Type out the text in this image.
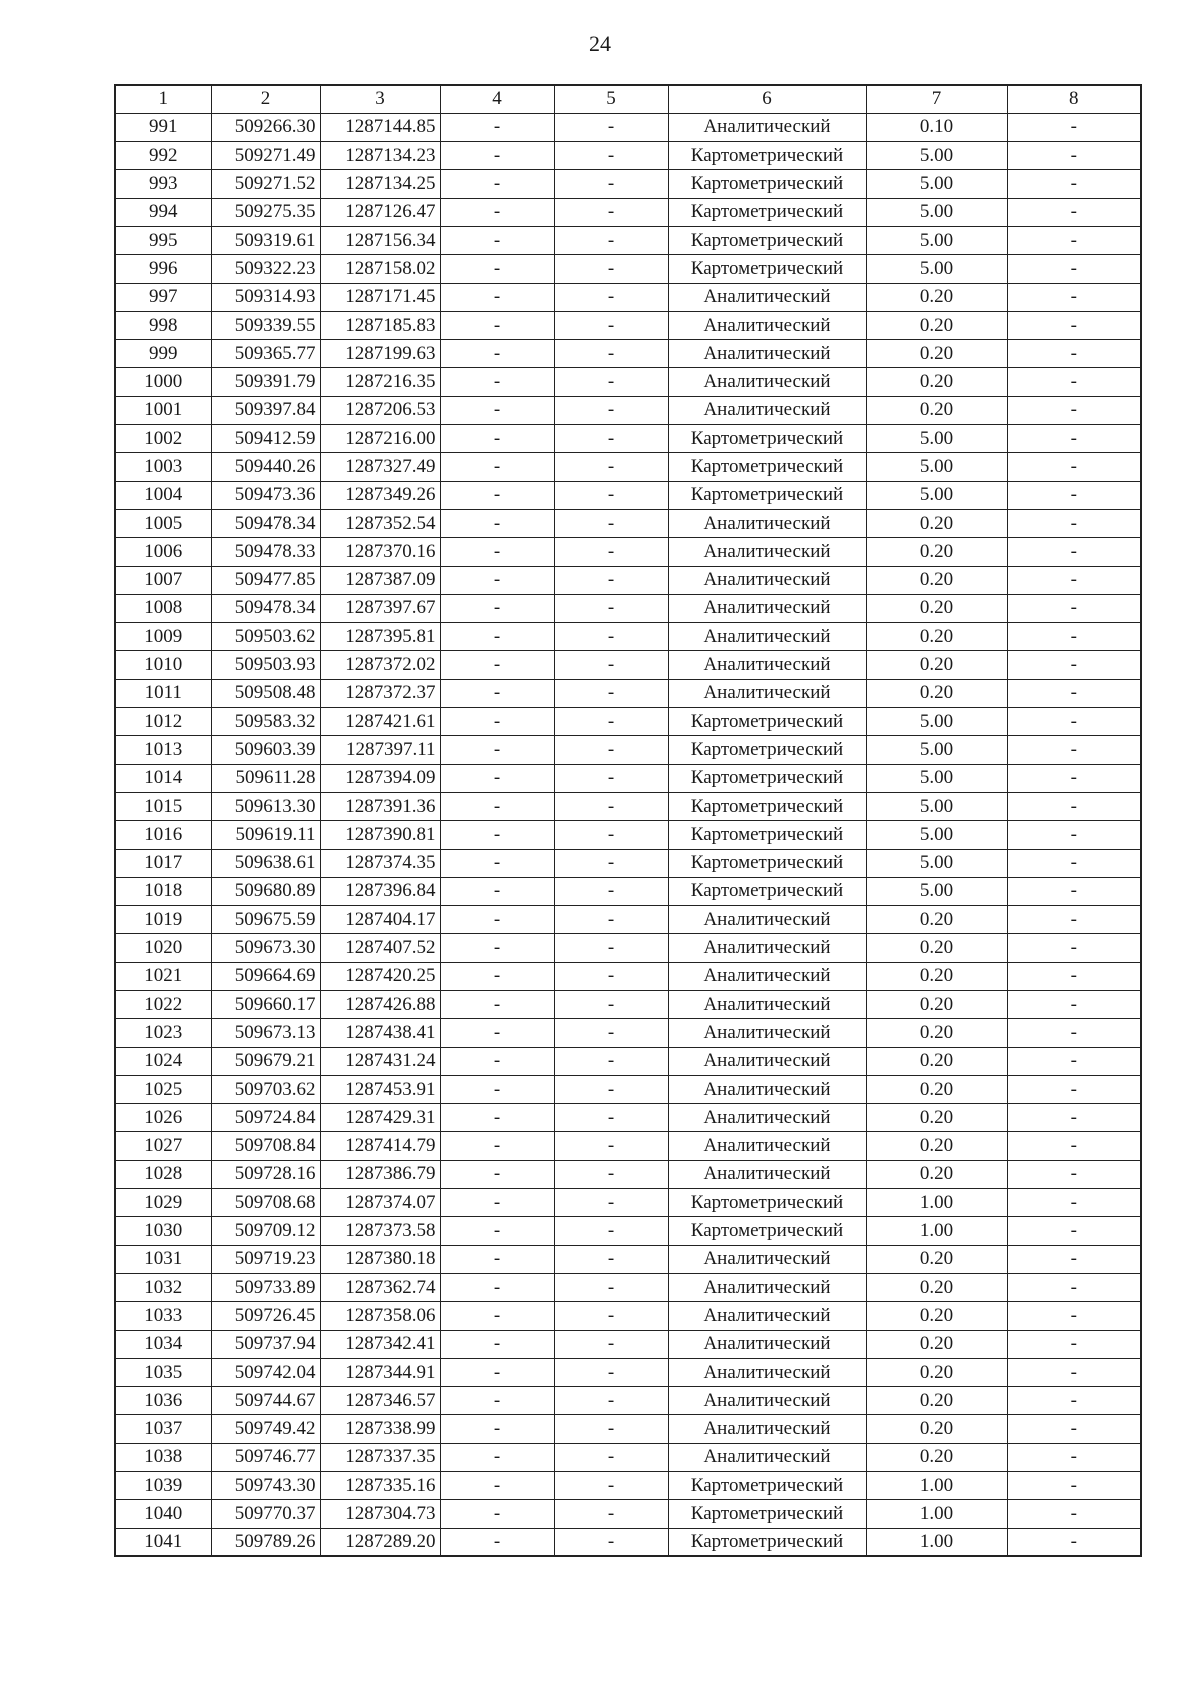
24
1	2	3	4	5	6	7	8
991	509266.30	1287144.85	-	-	Аналитический	0.10	-
992	509271.49	1287134.23	-	-	Картометрический	5.00	-
993	509271.52	1287134.25	-	-	Картометрический	5.00	-
994	509275.35	1287126.47	-	-	Картометрический	5.00	-
995	509319.61	1287156.34	-	-	Картометрический	5.00	-
996	509322.23	1287158.02	-	-	Картометрический	5.00	-
997	509314.93	1287171.45	-	-	Аналитический	0.20	-
998	509339.55	1287185.83	-	-	Аналитический	0.20	-
999	509365.77	1287199.63	-	-	Аналитический	0.20	-
1000	509391.79	1287216.35	-	-	Аналитический	0.20	-
1001	509397.84	1287206.53	-	-	Аналитический	0.20	-
1002	509412.59	1287216.00	-	-	Картометрический	5.00	-
1003	509440.26	1287327.49	-	-	Картометрический	5.00	-
1004	509473.36	1287349.26	-	-	Картометрический	5.00	-
1005	509478.34	1287352.54	-	-	Аналитический	0.20	-
1006	509478.33	1287370.16	-	-	Аналитический	0.20	-
1007	509477.85	1287387.09	-	-	Аналитический	0.20	-
1008	509478.34	1287397.67	-	-	Аналитический	0.20	-
1009	509503.62	1287395.81	-	-	Аналитический	0.20	-
1010	509503.93	1287372.02	-	-	Аналитический	0.20	-
1011	509508.48	1287372.37	-	-	Аналитический	0.20	-
1012	509583.32	1287421.61	-	-	Картометрический	5.00	-
1013	509603.39	1287397.11	-	-	Картометрический	5.00	-
1014	509611.28	1287394.09	-	-	Картометрический	5.00	-
1015	509613.30	1287391.36	-	-	Картометрический	5.00	-
1016	509619.11	1287390.81	-	-	Картометрический	5.00	-
1017	509638.61	1287374.35	-	-	Картометрический	5.00	-
1018	509680.89	1287396.84	-	-	Картометрический	5.00	-
1019	509675.59	1287404.17	-	-	Аналитический	0.20	-
1020	509673.30	1287407.52	-	-	Аналитический	0.20	-
1021	509664.69	1287420.25	-	-	Аналитический	0.20	-
1022	509660.17	1287426.88	-	-	Аналитический	0.20	-
1023	509673.13	1287438.41	-	-	Аналитический	0.20	-
1024	509679.21	1287431.24	-	-	Аналитический	0.20	-
1025	509703.62	1287453.91	-	-	Аналитический	0.20	-
1026	509724.84	1287429.31	-	-	Аналитический	0.20	-
1027	509708.84	1287414.79	-	-	Аналитический	0.20	-
1028	509728.16	1287386.79	-	-	Аналитический	0.20	-
1029	509708.68	1287374.07	-	-	Картометрический	1.00	-
1030	509709.12	1287373.58	-	-	Картометрический	1.00	-
1031	509719.23	1287380.18	-	-	Аналитический	0.20	-
1032	509733.89	1287362.74	-	-	Аналитический	0.20	-
1033	509726.45	1287358.06	-	-	Аналитический	0.20	-
1034	509737.94	1287342.41	-	-	Аналитический	0.20	-
1035	509742.04	1287344.91	-	-	Аналитический	0.20	-
1036	509744.67	1287346.57	-	-	Аналитический	0.20	-
1037	509749.42	1287338.99	-	-	Аналитический	0.20	-
1038	509746.77	1287337.35	-	-	Аналитический	0.20	-
1039	509743.30	1287335.16	-	-	Картометрический	1.00	-
1040	509770.37	1287304.73	-	-	Картометрический	1.00	-
1041	509789.26	1287289.20	-	-	Картометрический	1.00	-
